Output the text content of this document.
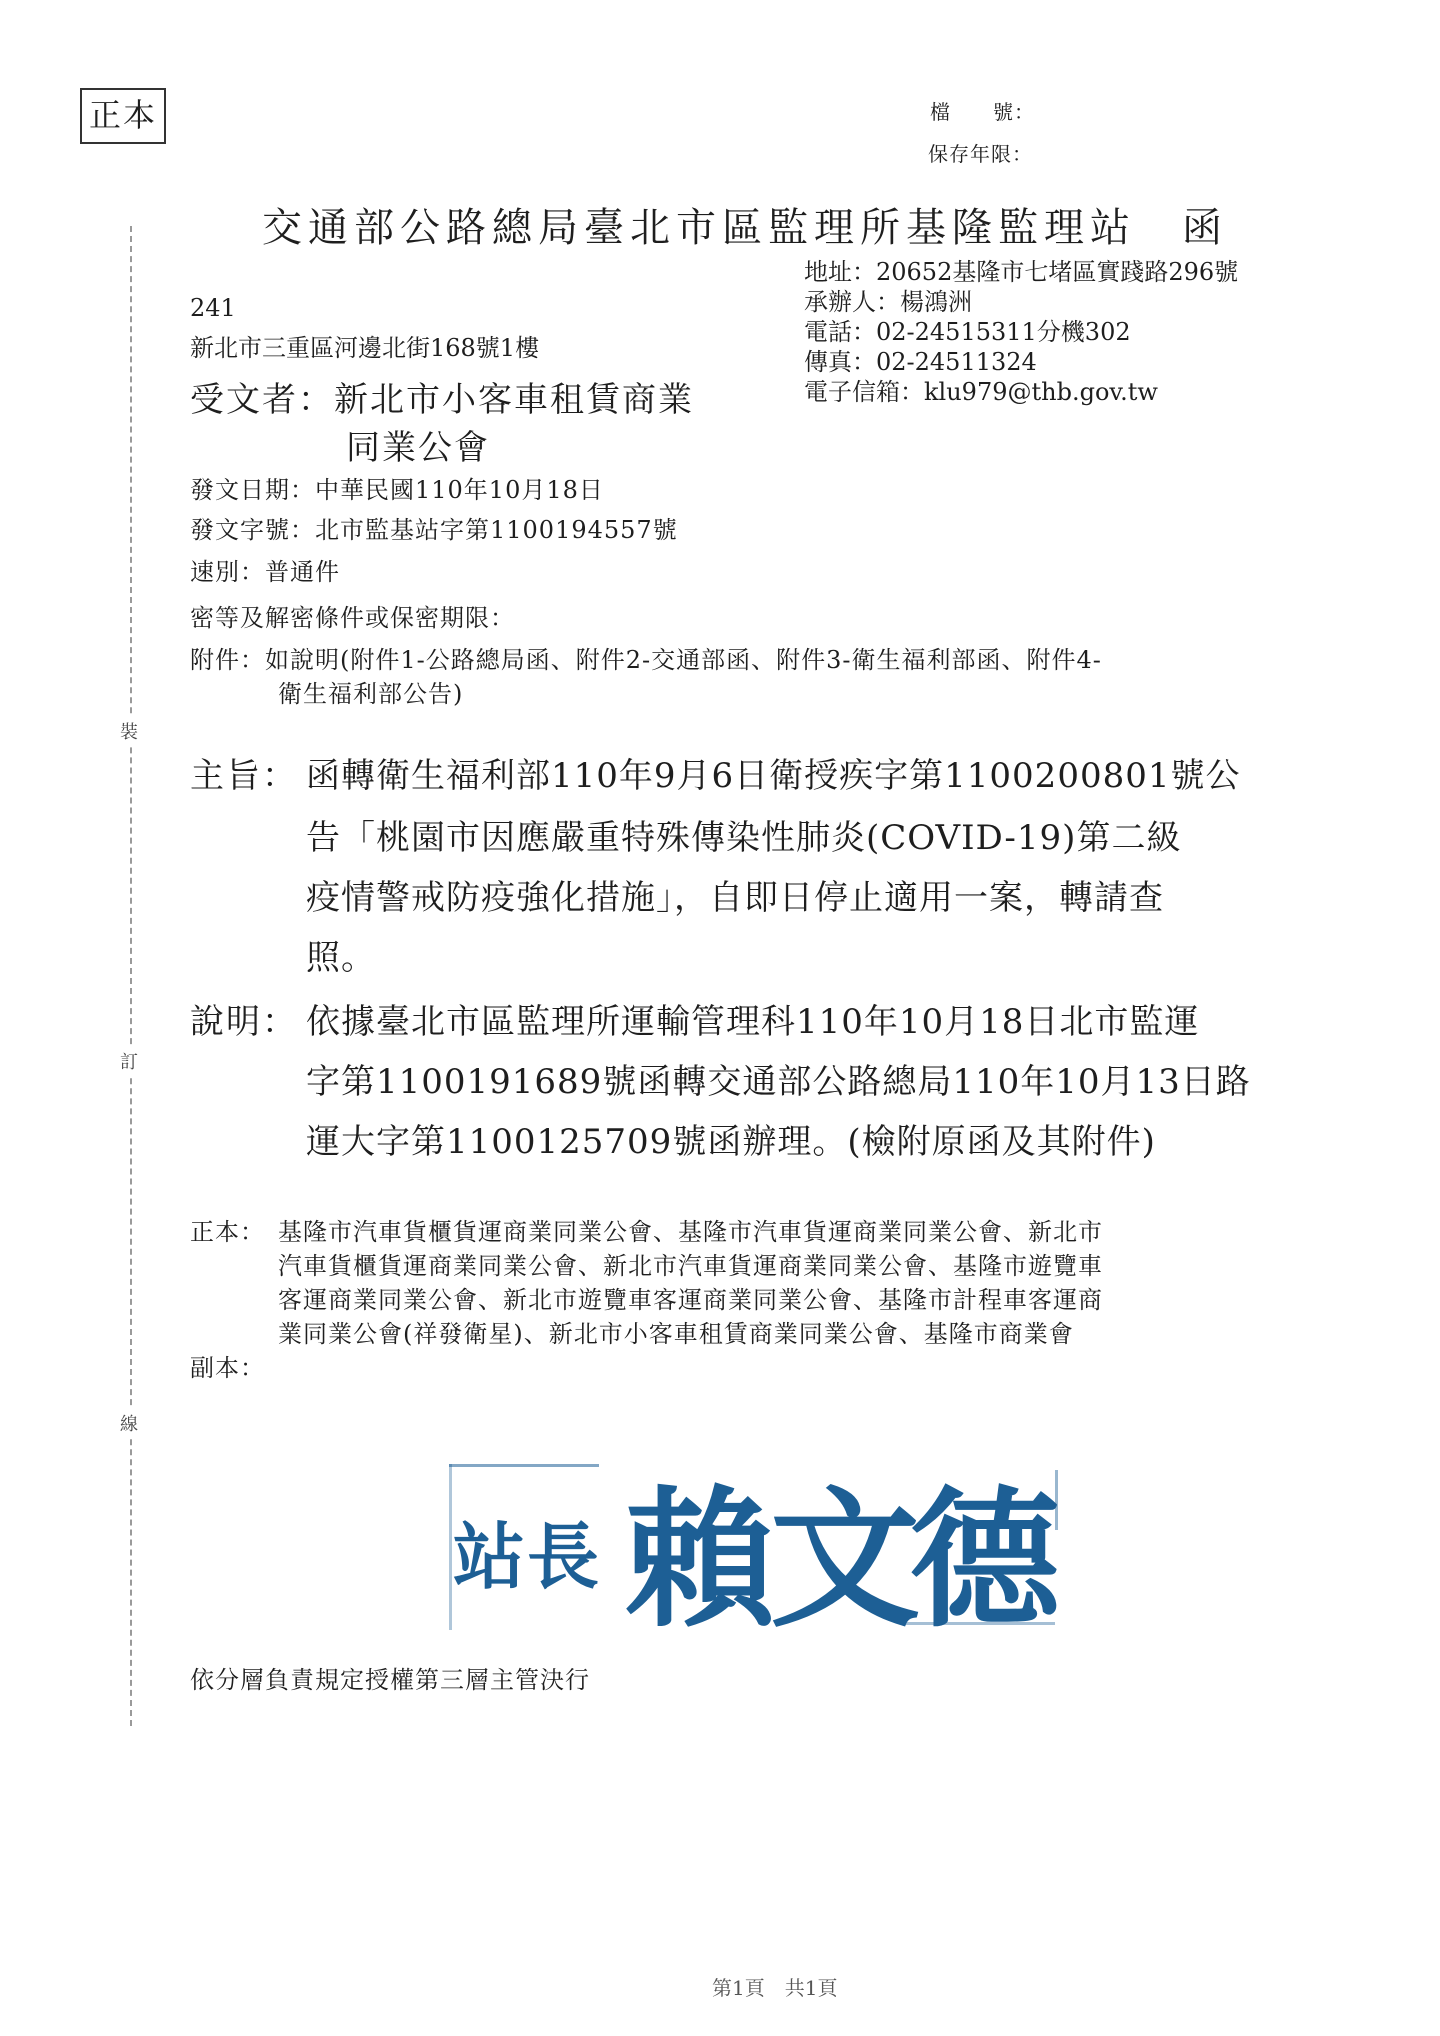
正本	檔　　號：
保存年限：
交通部公路總局臺北市區監理所基隆監理站　函
地址：20652基隆市七堵區實踐路296號
承辦人：楊鴻洲
電話：02-24515311分機302
傳真：02-24511324
電子信箱：klu979@thb.gov.tw
241
新北市三重區河邊北街168號1樓
受文者：新北市小客車租賃商業
同業公會
發文日期：中華民國110年10月18日
發文字號：北市監基站字第1100194557號
速別：普通件
密等及解密條件或保密期限：
附件：如說明(附件1-公路總局函、附件2-交通部函、附件3-衛生福利部函、附件4-
衛生福利部公告)
主旨： 函轉衛生福利部110年9月6日衛授疾字第1100200801號公
告「桃園市因應嚴重特殊傳染性肺炎(COVID-19)第二級
疫情警戒防疫強化措施」，自即日停止適用一案，轉請查
照。
說明： 依據臺北市區監理所運輸管理科110年10月18日北市監運
字第1100191689號函轉交通部公路總局110年10月13日路
運大字第1100125709號函辦理。(檢附原函及其附件)
正本： 基隆市汽車貨櫃貨運商業同業公會、基隆市汽車貨運商業同業公會、新北市
汽車貨櫃貨運商業同業公會、新北市汽車貨運商業同業公會、基隆市遊覽車
客運商業同業公會、新北市遊覽車客運商業同業公會、基隆市計程車客運商
業同業公會(祥發衛星)、新北市小客車租賃商業同業公會、基隆市商業會
副本：
裝
訂
線
站 長 賴
文
德
依分層負責規定授權第三層主管決行
第1頁　共1頁
